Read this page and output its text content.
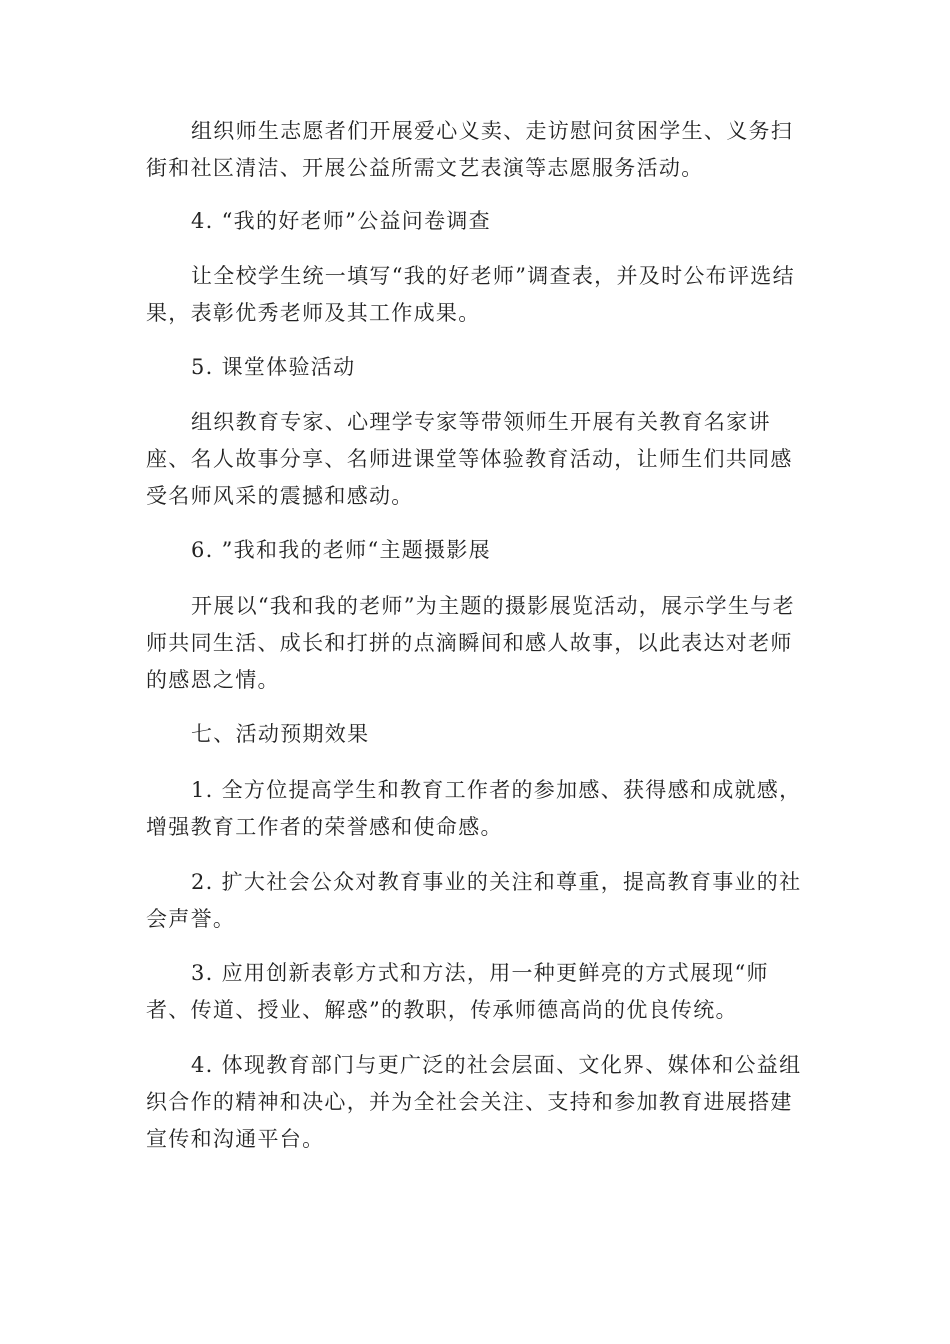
组织师生志愿者们开展爱心义卖、走访慰问贫困学生、义务扫街和社区清洁、开展公益所需文艺表演等志愿服务活动。

4. “我的好老师”公益问卷调查

让全校学生统一填写“我的好老师”调查表，并及时公布评选结果，表彰优秀老师及其工作成果。

5. 课堂体验活动

组织教育专家、心理学专家等带领师生开展有关教育名家讲座、名人故事分享、名师进课堂等体验教育活动，让师生们共同感受名师风采的震撼和感动。

6. ”我和我的老师“主题摄影展

开展以“我和我的老师”为主题的摄影展览活动，展示学生与老师共同生活、成长和打拼的点滴瞬间和感人故事，以此表达对老师的感恩之情。

七、活动预期效果

1. 全方位提高学生和教育工作者的参加感、获得感和成就感，增强教育工作者的荣誉感和使命感。

2. 扩大社会公众对教育事业的关注和尊重，提高教育事业的社会声誉。

3. 应用创新表彰方式和方法，用一种更鲜亮的方式展现“师者、传道、授业、解惑”的教职，传承师德高尚的优良传统。

4. 体现教育部门与更广泛的社会层面、文化界、媒体和公益组织合作的精神和决心，并为全社会关注、支持和参加教育进展搭建宣传和沟通平台。
